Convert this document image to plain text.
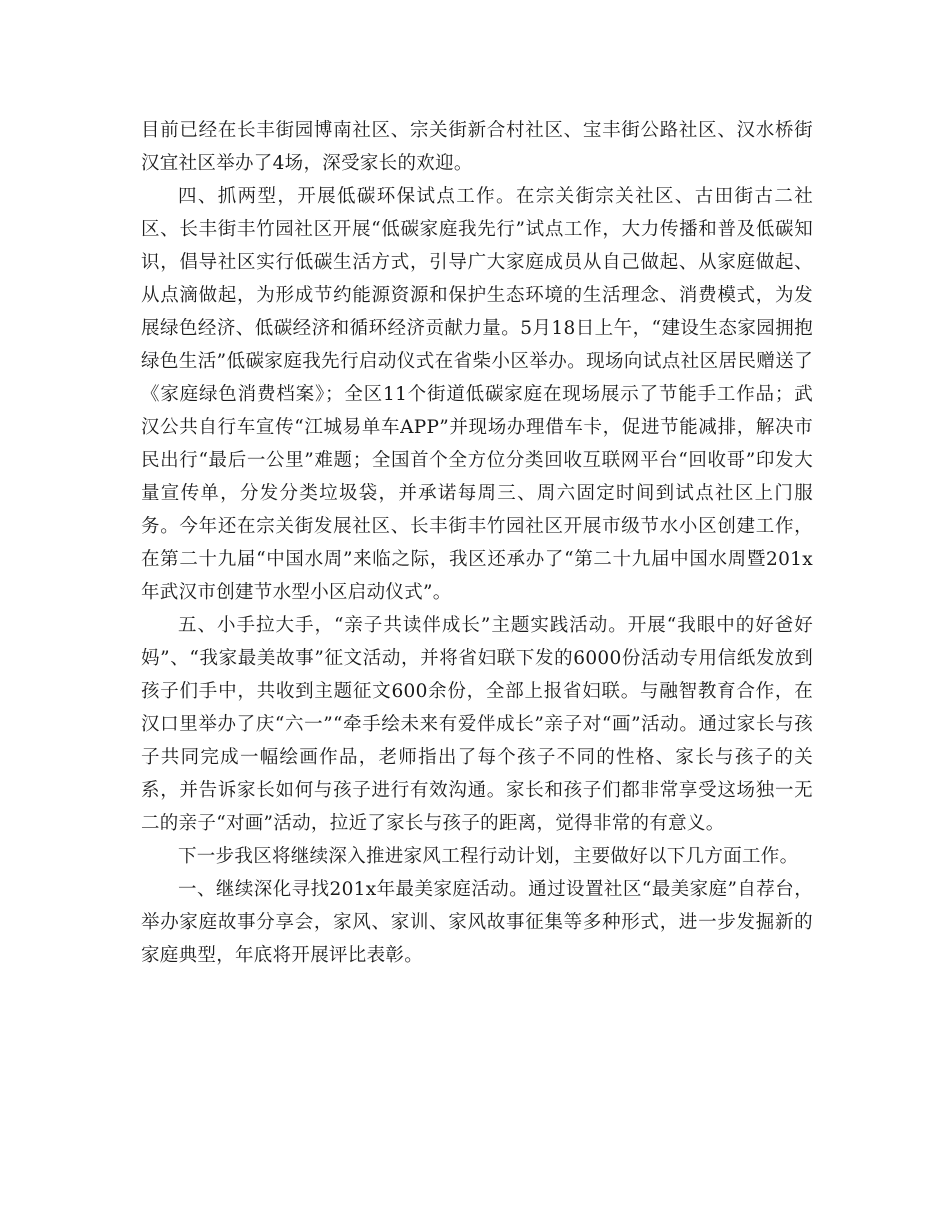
目前已经在长丰街园博南社区、宗关街新合村社区、宝丰街公路社区、汉水桥街汉宜社区举办了4场，深受家长的欢迎。

四、抓两型，开展低碳环保试点工作。在宗关街宗关社区、古田街古二社区、长丰街丰竹园社区开展“低碳家庭我先行”试点工作，大力传播和普及低碳知识，倡导社区实行低碳生活方式，引导广大家庭成员从自己做起、从家庭做起、从点滴做起，为形成节约能源资源和保护生态环境的生活理念、消费模式，为发展绿色经济、低碳经济和循环经济贡献力量。5月18日上午，“建设生态家园拥抱绿色生活”低碳家庭我先行启动仪式在省柴小区举办。现场向试点社区居民赠送了《家庭绿色消费档案》；全区11个街道低碳家庭在现场展示了节能手工作品；武汉公共自行车宣传“江城易单车APP”并现场办理借车卡，促进节能减排，解决市民出行“最后一公里”难题；全国首个全方位分类回收互联网平台“回收哥”印发大量宣传单，分发分类垃圾袋，并承诺每周三、周六固定时间到试点社区上门服务。今年还在宗关街发展社区、长丰街丰竹园社区开展市级节水小区创建工作，在第二十九届“中国水周”来临之际，我区还承办了“第二十九届中国水周暨201x年武汉市创建节水型小区启动仪式”。

五、小手拉大手，“亲子共读伴成长”主题实践活动。开展“我眼中的好爸好妈”、“我家最美故事”征文活动，并将省妇联下发的6000份活动专用信纸发放到孩子们手中，共收到主题征文600余份，全部上报省妇联。与融智教育合作，在汉口里举办了庆“六一”“牵手绘未来有爱伴成长”亲子对“画”活动。通过家长与孩子共同完成一幅绘画作品，老师指出了每个孩子不同的性格、家长与孩子的关系，并告诉家长如何与孩子进行有效沟通。家长和孩子们都非常享受这场独一无二的亲子“对画”活动，拉近了家长与孩子的距离，觉得非常的有意义。

下一步我区将继续深入推进家风工程行动计划，主要做好以下几方面工作。

一、继续深化寻找201x年最美家庭活动。通过设置社区“最美家庭”自荐台，举办家庭故事分享会，家风、家训、家风故事征集等多种形式，进一步发掘新的家庭典型，年底将开展评比表彰。
